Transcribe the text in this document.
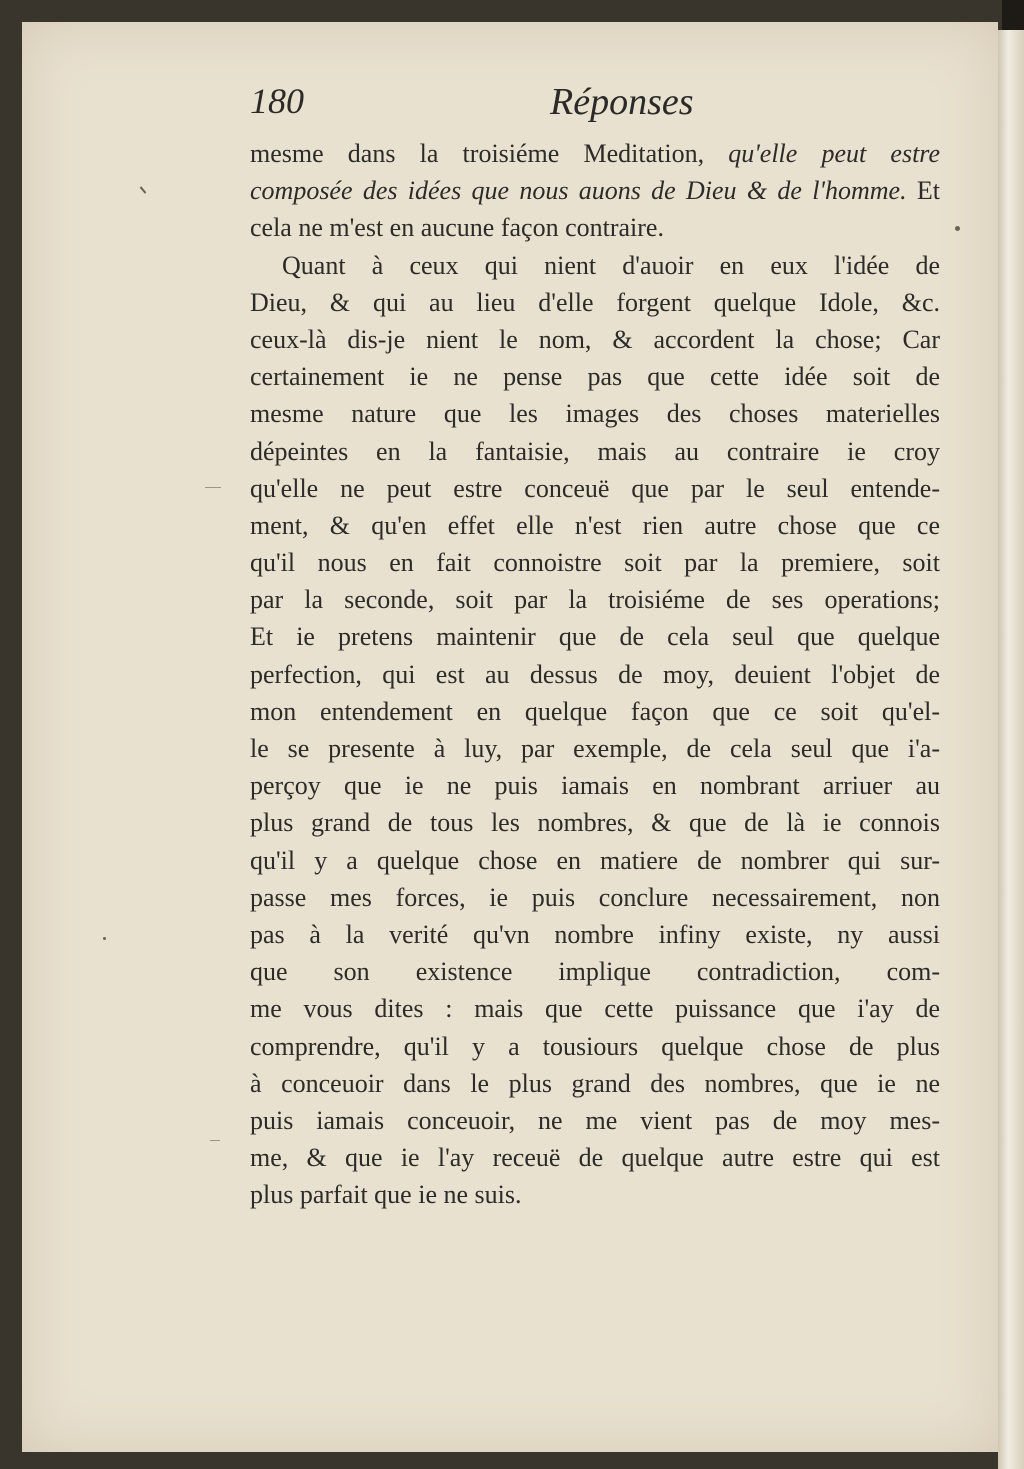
180	Réponses
mesme dans la troisiéme Meditation, qu'elle peut estre
composée des idées que nous auons de Dieu & de l'homme. Et
cela ne m'est en aucune façon contraire.
Quant à ceux qui nient d'auoir en eux l'idée de
Dieu, & qui au lieu d'elle forgent quelque Idole, &c.
ceux-là dis-je nient le nom, & accordent la chose; Car
certainement ie ne pense pas que cette idée soit de
mesme nature que les images des choses materielles
dépeintes en la fantaisie, mais au contraire ie croy
qu'elle ne peut estre conceuë que par le seul entende-
ment, & qu'en effet elle n'est rien autre chose que ce
qu'il nous en fait connoistre soit par la premiere, soit
par la seconde, soit par la troisiéme de ses operations;
Et ie pretens maintenir que de cela seul que quelque
perfection, qui est au dessus de moy, deuient l'objet de
mon entendement en quelque façon que ce soit qu'el-
le se presente à luy, par exemple, de cela seul que i'a-
perçoy que ie ne puis iamais en nombrant arriuer au
plus grand de tous les nombres, & que de là ie connois
qu'il y a quelque chose en matiere de nombrer qui sur-
passe mes forces, ie puis conclure necessairement, non
pas à la verité qu'vn nombre infiny existe, ny aussi
que son existence implique contradiction, com-
me vous dites : mais que cette puissance que i'ay de
comprendre, qu'il y a tousiours quelque chose de plus
à conceuoir dans le plus grand des nombres, que ie ne
puis iamais conceuoir, ne me vient pas de moy mes-
me, & que ie l'ay receuë de quelque autre estre qui est
plus parfait que ie ne suis.
